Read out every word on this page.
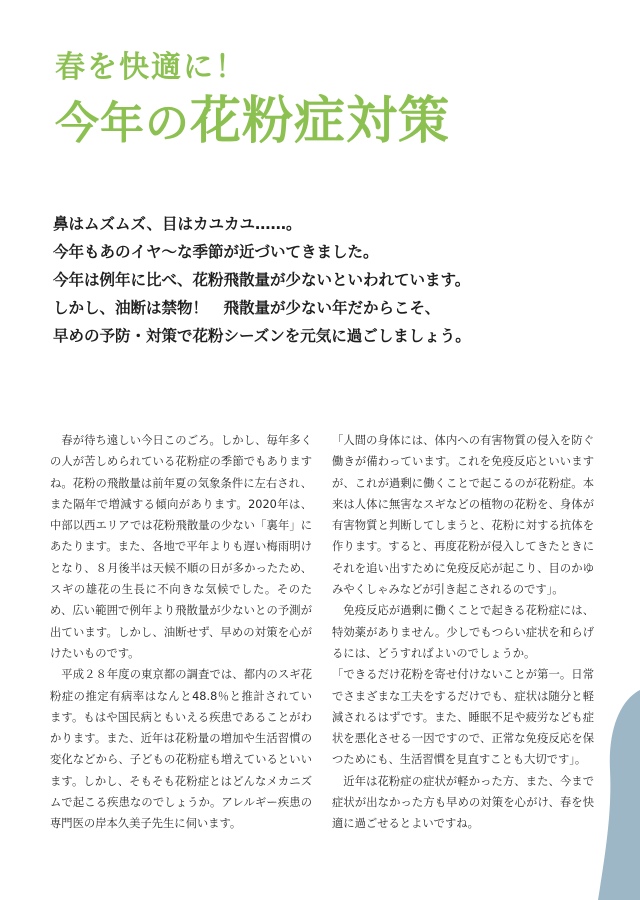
春を快適に！
今年の花粉症対策

鼻はムズムズ、目はカユカユ……。

今年もあのイヤ～な季節が近づいてきました。

今年は例年に比べ、花粉飛散量が少ないといわれています。

しかし、油断は禁物！　飛散量が少ない年だからこそ、

早めの予防・対策で花粉シーズンを元気に過ごしましょう。

春が待ち遠しい今日このごろ。しかし、毎年多くの人が苦しめられている花粉症の季節でもありますね。花粉の飛散量は前年夏の気象条件に左右され、また隔年で増減する傾向があります。2020年は、中部以西エリアでは花粉飛散量の少ない「裏年」にあたります。また、各地で平年よりも遅い梅雨明けとなり、８月後半は天候不順の日が多かったため、スギの雄花の生長に不向きな気候でした。そのため、広い範囲で例年より飛散量が少ないとの予測が出ています。しかし、油断せず、早めの対策を心がけたいものです。

平成２８年度の東京都の調査では、都内のスギ花粉症の推定有病率はなんと48.8％と推計されています。もはや国民病ともいえる疾患であることがわかります。また、近年は花粉量の増加や生活習慣の変化などから、子どもの花粉症も増えているといいます。しかし、そもそも花粉症とはどんなメカニズムで起こる疾患なのでしょうか。アレルギー疾患の専門医の岸本久美子先生に伺います。

「人間の身体には、体内への有害物質の侵入を防ぐ働きが備わっています。これを免疫反応といいますが、これが過剰に働くことで起こるのが花粉症。本来は人体に無害なスギなどの植物の花粉を、身体が有害物質と判断してしまうと、花粉に対する抗体を作ります。すると、再度花粉が侵入してきたときにそれを追い出すために免疫反応が起こり、目のかゆみやくしゃみなどが引き起こされるのです」。

免疫反応が過剰に働くことで起きる花粉症には、特効薬がありません。少しでもつらい症状を和らげるには、どうすればよいのでしょうか。

「できるだけ花粉を寄せ付けないことが第一。日常でさまざまな工夫をするだけでも、症状は随分と軽減されるはずです。また、睡眠不足や疲労なども症状を悪化させる一因ですので、正常な免疫反応を保つためにも、生活習慣を見直すことも大切です」。

近年は花粉症の症状が軽かった方、また、今まで症状が出なかった方も早めの対策を心がけ、春を快適に過ごせるとよいですね。
